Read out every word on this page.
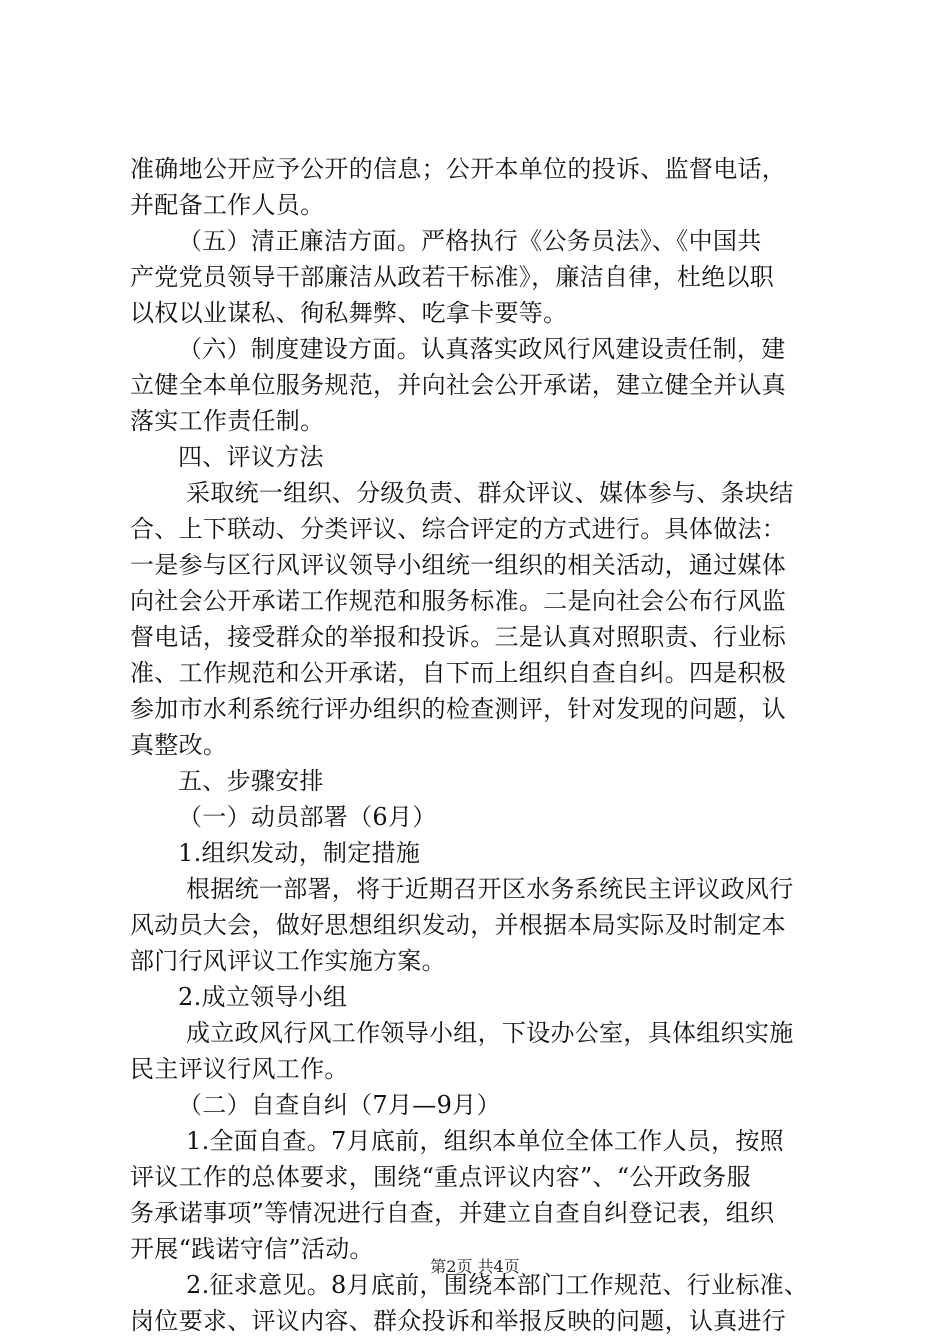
准确地公开应予公开的信息；公开本单位的投诉、监督电话，
并配备工作人员。
（五）清正廉洁方面。严格执行《公务员法》、《中国共
产党党员领导干部廉洁从政若干标准》，廉洁自律，杜绝以职
以权以业谋私、徇私舞弊、吃拿卡要等。
（六）制度建设方面。认真落实政风行风建设责任制，建
立健全本单位服务规范，并向社会公开承诺，建立健全并认真
落实工作责任制。
四、评议方法
采取统一组织、分级负责、群众评议、媒体参与、条块结
合、上下联动、分类评议、综合评定的方式进行。具体做法：
一是参与区行风评议领导小组统一组织的相关活动，通过媒体
向社会公开承诺工作规范和服务标准。二是向社会公布行风监
督电话，接受群众的举报和投诉。三是认真对照职责、行业标
准、工作规范和公开承诺，自下而上组织自查自纠。四是积极
参加市水利系统行评办组织的检查测评，针对发现的问题，认
真整改。
五、步骤安排
（一）动员部署（6月）
1.组织发动，制定措施
根据统一部署，将于近期召开区水务系统民主评议政风行
风动员大会，做好思想组织发动，并根据本局实际及时制定本
部门行风评议工作实施方案。
2.成立领导小组
成立政风行风工作领导小组，下设办公室，具体组织实施
民主评议行风工作。
（二）自查自纠（7月—9月）
1.全面自查。7月底前，组织本单位全体工作人员，按照
评议工作的总体要求，围绕“重点评议内容”、“公开政务服
务承诺事项”等情况进行自查，并建立自查自纠登记表，组织
开展“践诺守信”活动。
2.征求意见。8月底前，围绕本部门工作规范、行业标准、
岗位要求、评议内容、群众投诉和举报反映的问题，认真进行
第2页 共4页
